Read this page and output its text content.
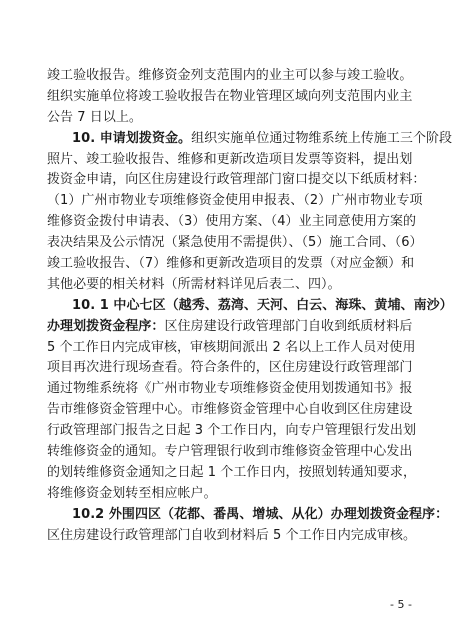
竣工验收报告。维修资金列支范围内的业主可以参与竣工验收。
组织实施单位将竣工验收报告在物业管理区域向列支范围内业主
公告 7 日以上。
10. 申请划拨资金。组织实施单位通过物维系统上传施工三个阶段
照片、竣工验收报告、维修和更新改造项目发票等资料，提出划
拨资金申请，向区住房建设行政管理部门窗口提交以下纸质材料：
（1）广州市物业专项维修资金使用申报表、（2）广州市物业专项
维修资金拨付申请表、（3）使用方案、（4）业主同意使用方案的
表决结果及公示情况（紧急使用不需提供）、（5）施工合同、（6）
竣工验收报告、（7）维修和更新改造项目的发票（对应金额）和
其他必要的相关材料（所需材料详见后表二、四）。
10. 1 中心七区（越秀、荔湾、天河、白云、海珠、黄埔、南沙）
办理划拨资金程序：区住房建设行政管理部门自收到纸质材料后
5 个工作日内完成审核，审核期间派出 2 名以上工作人员对使用
项目再次进行现场查看。符合条件的，区住房建设行政管理部门
通过物维系统将《广州市物业专项维修资金使用划拨通知书》报
告市维修资金管理中心。市维修资金管理中心自收到区住房建设
行政管理部门报告之日起 3 个工作日内，向专户管理银行发出划
转维修资金的通知。专户管理银行收到市维修资金管理中心发出
的划转维修资金通知之日起 1 个工作日内，按照划转通知要求，
将维修资金划转至相应帐户。
10.2 外围四区（花都、番禺、增城、从化）办理划拨资金程序：
区住房建设行政管理部门自收到材料后 5 个工作日内完成审核。
- 5 -
